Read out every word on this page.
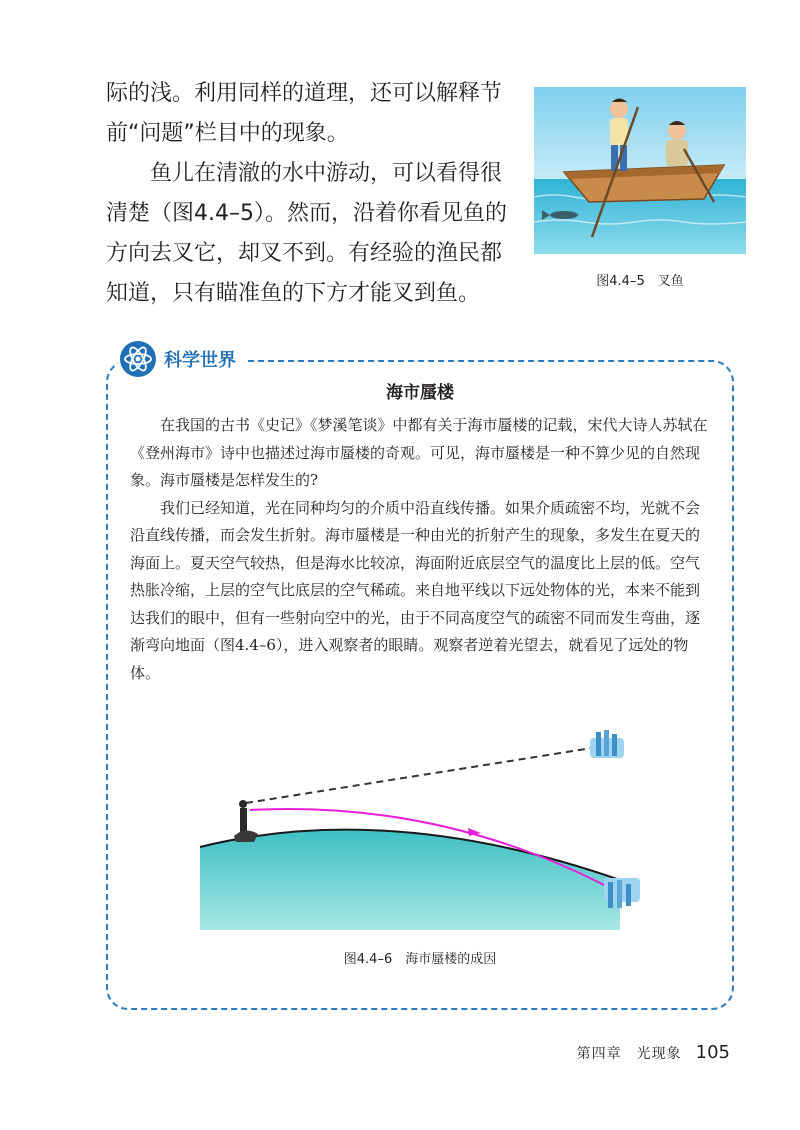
际的浅。利用同样的道理，还可以解释节前“问题”栏目中的现象。

鱼儿在清澈的水中游动，可以看得很清楚（图4.4–5）。然而，沿着你看见鱼的方向去叉它，却叉不到。有经验的渔民都知道，只有瞄准鱼的下方才能叉到鱼。	图4.4–5　叉鱼
科学世界
海市蜃楼

在我国的古书《史记》《梦溪笔谈》中都有关于海市蜃楼的记载，宋代大诗人苏轼在《登州海市》诗中也描述过海市蜃楼的奇观。可见，海市蜃楼是一种不算少见的自然现象。海市蜃楼是怎样发生的?

我们已经知道，光在同种均匀的介质中沿直线传播。如果介质疏密不均，光就不会沿直线传播，而会发生折射。海市蜃楼是一种由光的折射产生的现象，多发生在夏天的海面上。夏天空气较热，但是海水比较凉，海面附近底层空气的温度比上层的低。空气热胀冷缩，上层的空气比底层的空气稀疏。来自地平线以下远处物体的光，本来不能到达我们的眼中，但有一些射向空中的光，由于不同高度空气的疏密不同而发生弯曲，逐渐弯向地面（图4.4–6），进入观察者的眼睛。观察者逆着光望去，就看见了远处的物体。

图4.4–6　海市蜃楼的成因
第四章　光现象 105
